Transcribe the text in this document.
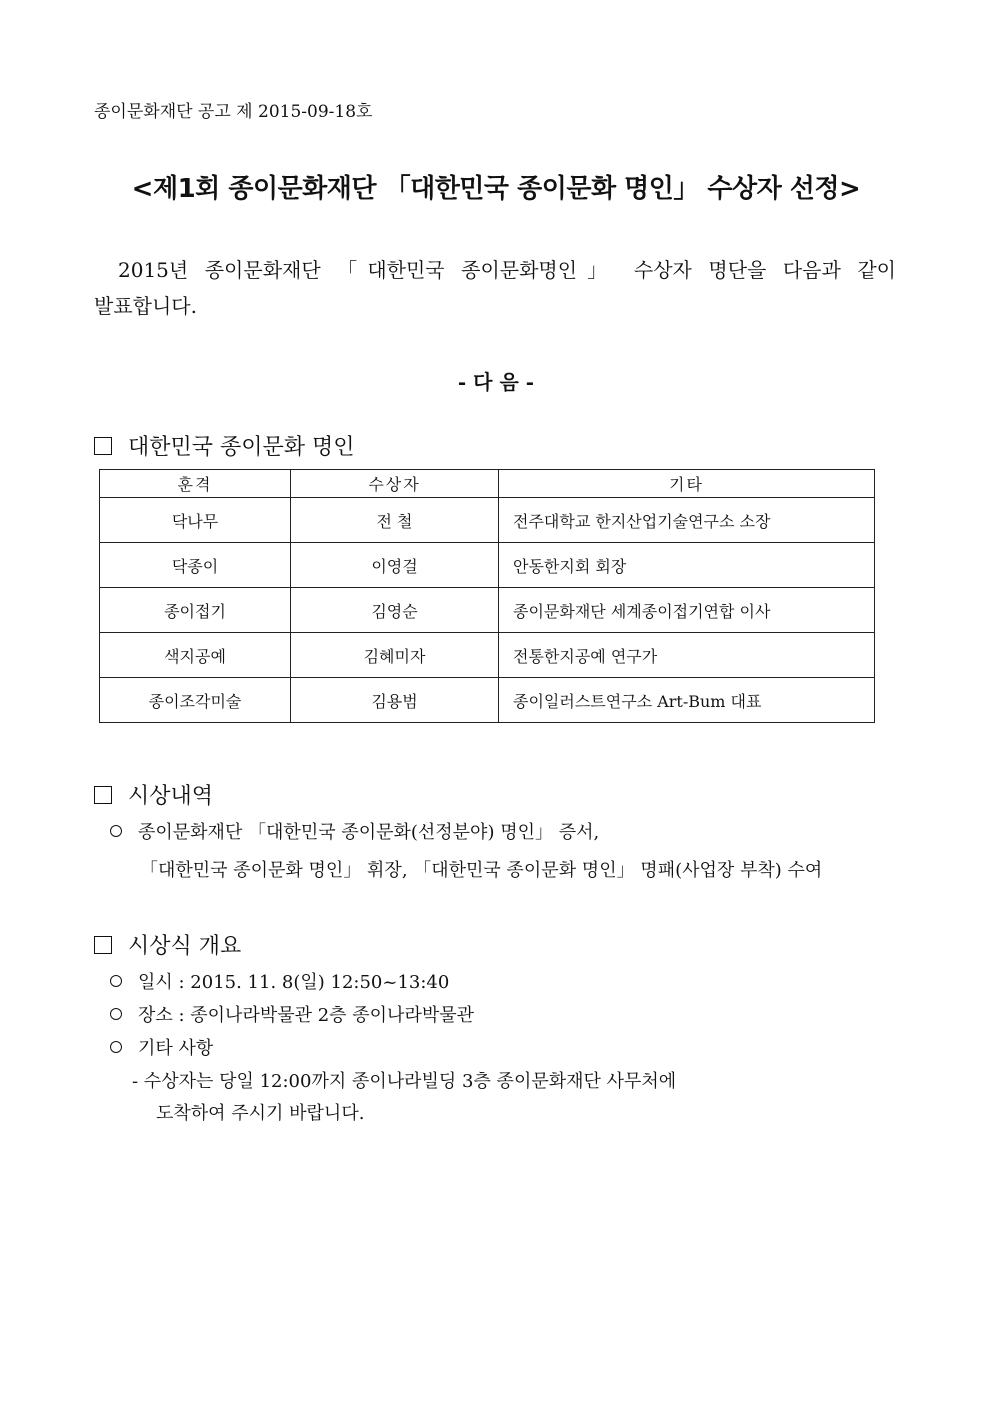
종이문화재단 공고 제 2015-09-18호
<제1회 종이문화재단 「대한민국 종이문화 명인」 수상자 선정>
2015년 종이문화재단 「대한민국 종이문화명인」 수상자 명단을 다음과 같이
발표합니다.
- 다 음 -
대한민국 종이문화 명인
훈격	수상자	기타
닥나무	전 철	전주대학교 한지산업기술연구소 소장
닥종이	이영걸	안동한지회 회장
종이접기	김영순	종이문화재단 세계종이접기연합 이사
색지공예	김혜미자	전통한지공예 연구가
종이조각미술	김용범	종이일러스트연구소 Art-Bum 대표
시상내역
종이문화재단 「대한민국 종이문화(선정분야) 명인」 증서,
「대한민국 종이문화 명인」 휘장, 「대한민국 종이문화 명인」 명패(사업장 부착) 수여
시상식 개요
일시 : 2015. 11. 8(일) 12:50~13:40
장소 : 종이나라박물관 2층 종이나라박물관
기타 사항
- 수상자는 당일 12:00까지 종이나라빌딩 3층 종이문화재단 사무처에
도착하여 주시기 바랍니다.
